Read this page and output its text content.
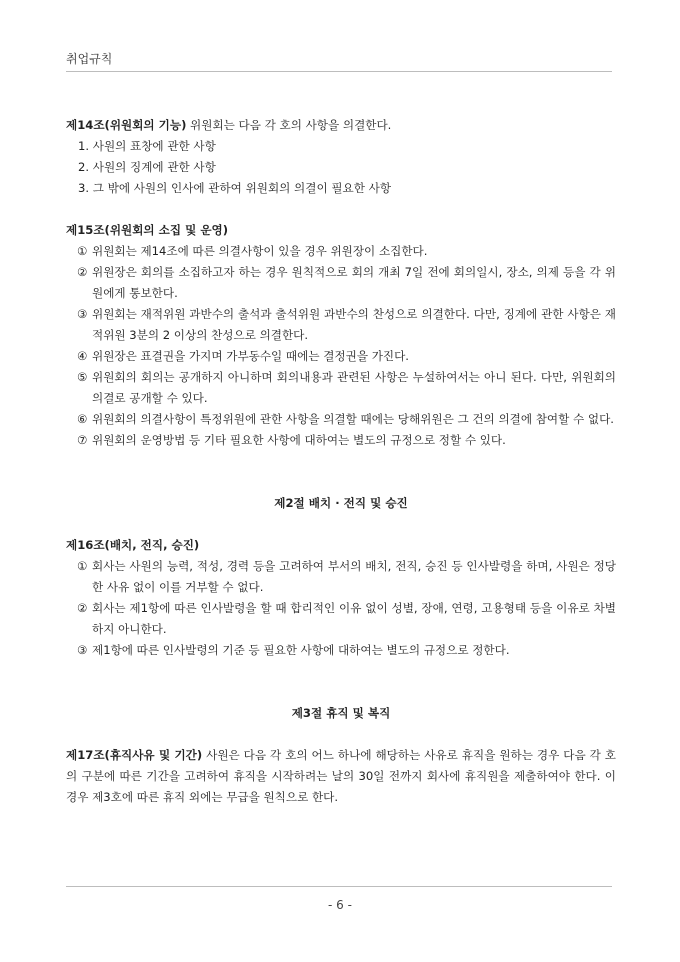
취업규칙
제14조(위원회의 기능) 위원회는 다음 각 호의 사항을 의결한다.
1. 사원의 표창에 관한 사항
2. 사원의 징계에 관한 사항
3. 그 밖에 사원의 인사에 관하여 위원회의 의결이 필요한 사항
제15조(위원회의 소집 및 운영)
① 위원회는 제14조에 따른 의결사항이 있을 경우 위원장이 소집한다.
② 위원장은 회의를 소집하고자 하는 경우 원칙적으로 회의 개최 7일 전에 회의일시, 장소, 의제 등을 각 위원에게 통보한다.
③ 위원회는 재적위원 과반수의 출석과 출석위원 과반수의 찬성으로 의결한다. 다만, 징계에 관한 사항은 재적위원 3분의 2 이상의 찬성으로 의결한다.
④ 위원장은 표결권을 가지며 가부동수일 때에는 결정권을 가진다.
⑤ 위원회의 회의는 공개하지 아니하며 회의내용과 관련된 사항은 누설하여서는 아니 된다. 다만, 위원회의 의결로 공개할 수 있다.
⑥ 위원회의 의결사항이 특정위원에 관한 사항을 의결할 때에는 당해위원은 그 건의 의결에 참여할 수 없다.
⑦ 위원회의 운영방법 등 기타 필요한 사항에 대하여는 별도의 규정으로 정할 수 있다.
제2절 배치 · 전직 및 승진
제16조(배치, 전직, 승진)
① 회사는 사원의 능력, 적성, 경력 등을 고려하여 부서의 배치, 전직, 승진 등 인사발령을 하며, 사원은 정당한 사유 없이 이를 거부할 수 없다.
② 회사는 제1항에 따른 인사발령을 할 때 합리적인 이유 없이 성별, 장애, 연령, 고용형태 등을 이유로 차별하지 아니한다.
③ 제1항에 따른 인사발령의 기준 등 필요한 사항에 대하여는 별도의 규정으로 정한다.
제3절 휴직 및 복직
제17조(휴직사유 및 기간) 사원은 다음 각 호의 어느 하나에 해당하는 사유로 휴직을 원하는 경우 다음 각 호의 구분에 따른 기간을 고려하여 휴직을 시작하려는 날의 30일 전까지 회사에 휴직원을 제출하여야 한다. 이 경우 제3호에 따른 휴직 외에는 무급을 원칙으로 한다.
- 6 -
